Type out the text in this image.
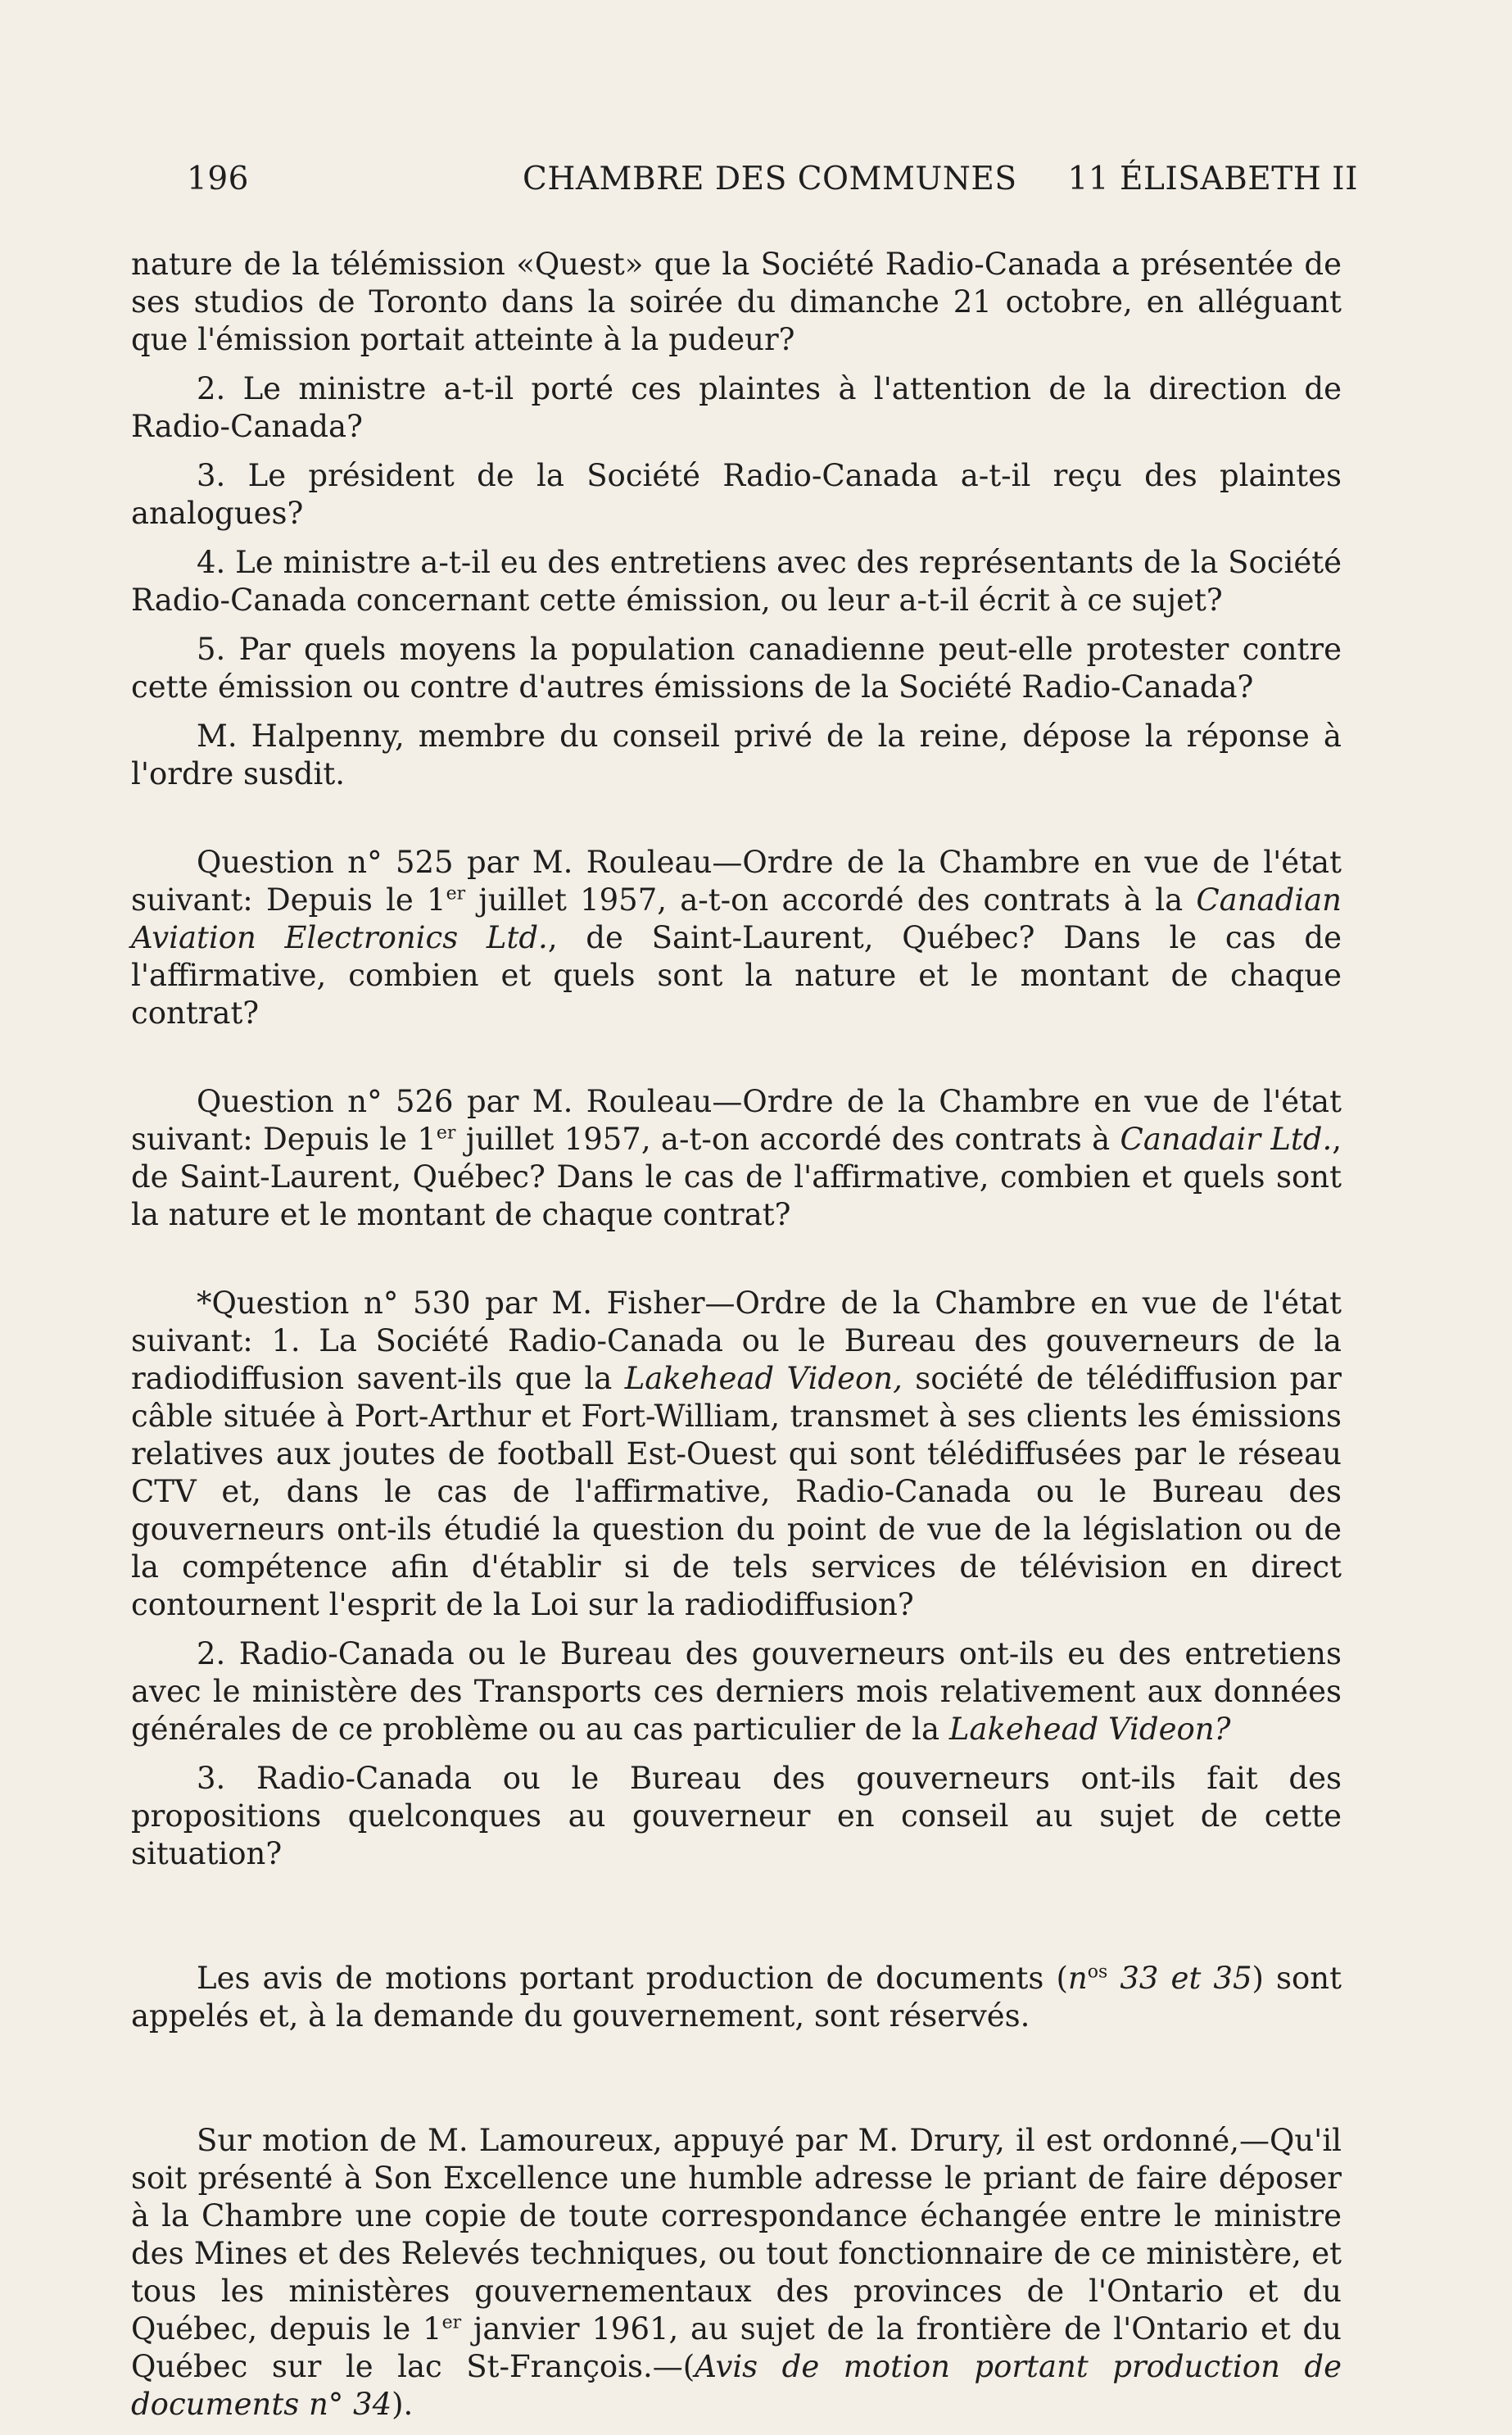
196	CHAMBRE DES COMMUNES 11 ÉLISABETH II

nature de la télémission «Quest» que la Société Radio-Canada a présentée de ses studios de Toronto dans la soirée du dimanche 21 octobre, en alléguant que l'émission portait atteinte à la pudeur?

2. Le ministre a-t-il porté ces plaintes à l'attention de la direction de Radio-Canada?

3. Le président de la Société Radio-Canada a-t-il reçu des plaintes analogues?

4. Le ministre a-t-il eu des entretiens avec des représentants de la Société Radio-Canada concernant cette émission, ou leur a-t-il écrit à ce sujet?

5. Par quels moyens la population canadienne peut-elle protester contre cette émission ou contre d'autres émissions de la Société Radio-Canada?

M. Halpenny, membre du conseil privé de la reine, dépose la réponse à l'ordre susdit.

Question n° 525 par M. Rouleau—Ordre de la Chambre en vue de l'état suivant: Depuis le 1er juillet 1957, a-t-on accordé des contrats à la Canadian Aviation Electronics Ltd., de Saint-Laurent, Québec? Dans le cas de l'affirmative, combien et quels sont la nature et le montant de chaque contrat?

Question n° 526 par M. Rouleau—Ordre de la Chambre en vue de l'état suivant: Depuis le 1er juillet 1957, a-t-on accordé des contrats à Canadair Ltd., de Saint-Laurent, Québec? Dans le cas de l'affirmative, combien et quels sont la nature et le montant de chaque contrat?

*Question n° 530 par M. Fisher—Ordre de la Chambre en vue de l'état suivant: 1. La Société Radio-Canada ou le Bureau des gouverneurs de la radiodiffusion savent-ils que la Lakehead Videon, société de télédiffusion par câble située à Port-Arthur et Fort-William, transmet à ses clients les émissions relatives aux joutes de football Est-Ouest qui sont télédiffusées par le réseau CTV et, dans le cas de l'affirmative, Radio-Canada ou le Bureau des gouverneurs ont-ils étudié la question du point de vue de la législation ou de la compétence afin d'établir si de tels services de télévision en direct contournent l'esprit de la Loi sur la radiodiffusion?

2. Radio-Canada ou le Bureau des gouverneurs ont-ils eu des entretiens avec le ministère des Transports ces derniers mois relativement aux données générales de ce problème ou au cas particulier de la Lakehead Videon?

3. Radio-Canada ou le Bureau des gouverneurs ont-ils fait des propositions quelconques au gouverneur en conseil au sujet de cette situation?

Les avis de motions portant production de documents ($n^{os}$ 33 et 35) sont appelés et, à la demande du gouvernement, sont réservés.

Sur motion de M. Lamoureux, appuyé par M. Drury, il est ordonné,—Qu'il soit présenté à Son Excellence une humble adresse le priant de faire déposer à la Chambre une copie de toute correspondance échangée entre le ministre des Mines et des Relevés techniques, ou tout fonctionnaire de ce ministère, et tous les ministères gouvernementaux des provinces de l'Ontario et du Québec, depuis le 1er janvier 1961, au sujet de la frontière de l'Ontario et du Québec sur le lac St-François.—(Avis de motion portant production de documents n° 34).
